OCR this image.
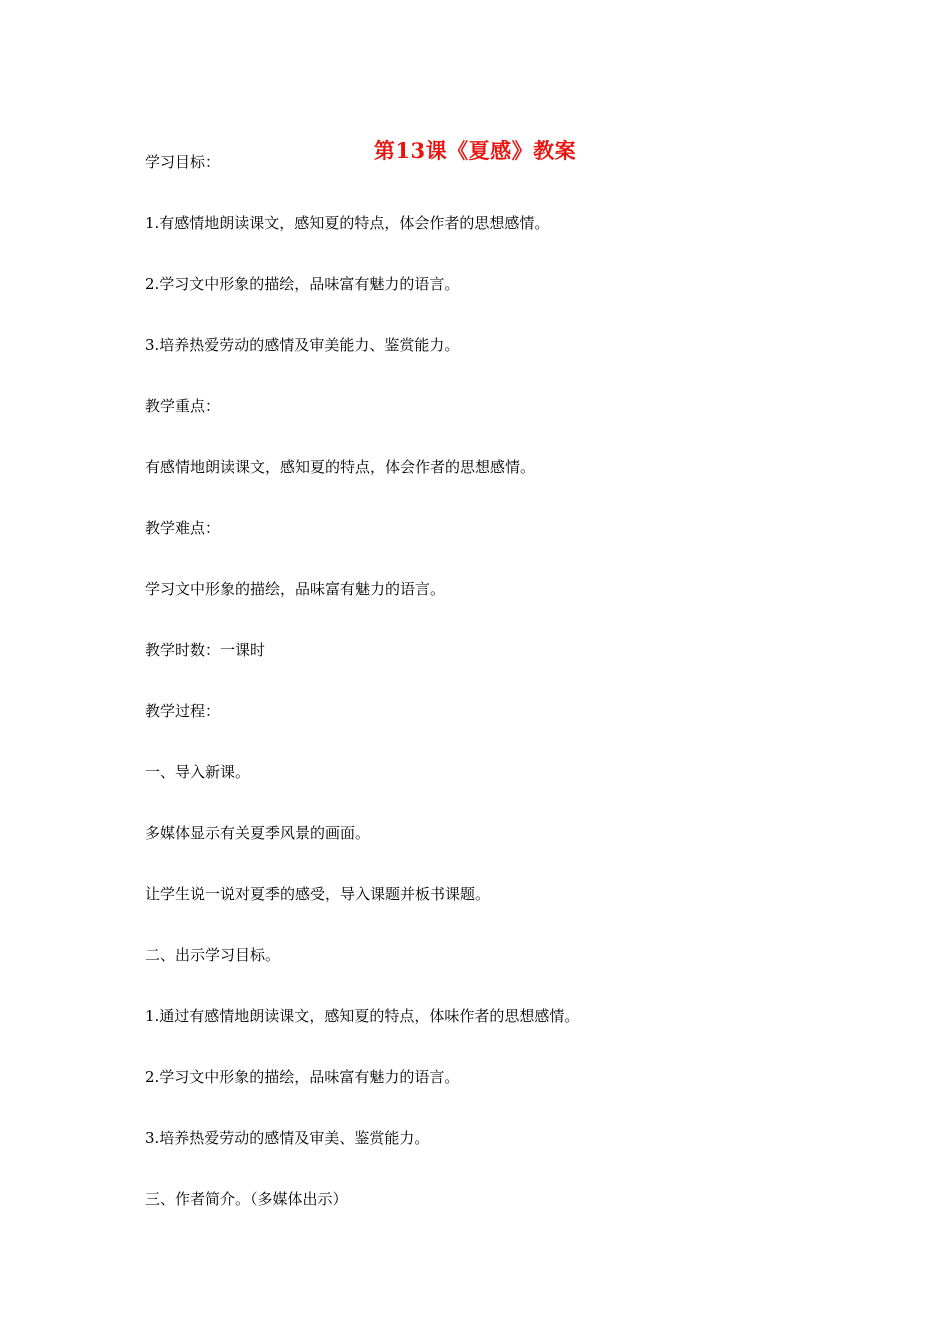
第13课《夏感》教案

学习目标：

1.有感情地朗读课文，感知夏的特点，体会作者的思想感情。

2.学习文中形象的描绘，品味富有魅力的语言。

3.培养热爱劳动的感情及审美能力、鉴赏能力。

教学重点：

有感情地朗读课文，感知夏的特点，体会作者的思想感情。

教学难点：

学习文中形象的描绘，品味富有魅力的语言。

教学时数：一课时

教学过程：

一、导入新课。

多媒体显示有关夏季风景的画面。

让学生说一说对夏季的感受，导入课题并板书课题。

二、出示学习目标。

1.通过有感情地朗读课文，感知夏的特点，体味作者的思想感情。

2.学习文中形象的描绘，品味富有魅力的语言。

3.培养热爱劳动的感情及审美、鉴赏能力。

三、作者简介。（多媒体出示）
